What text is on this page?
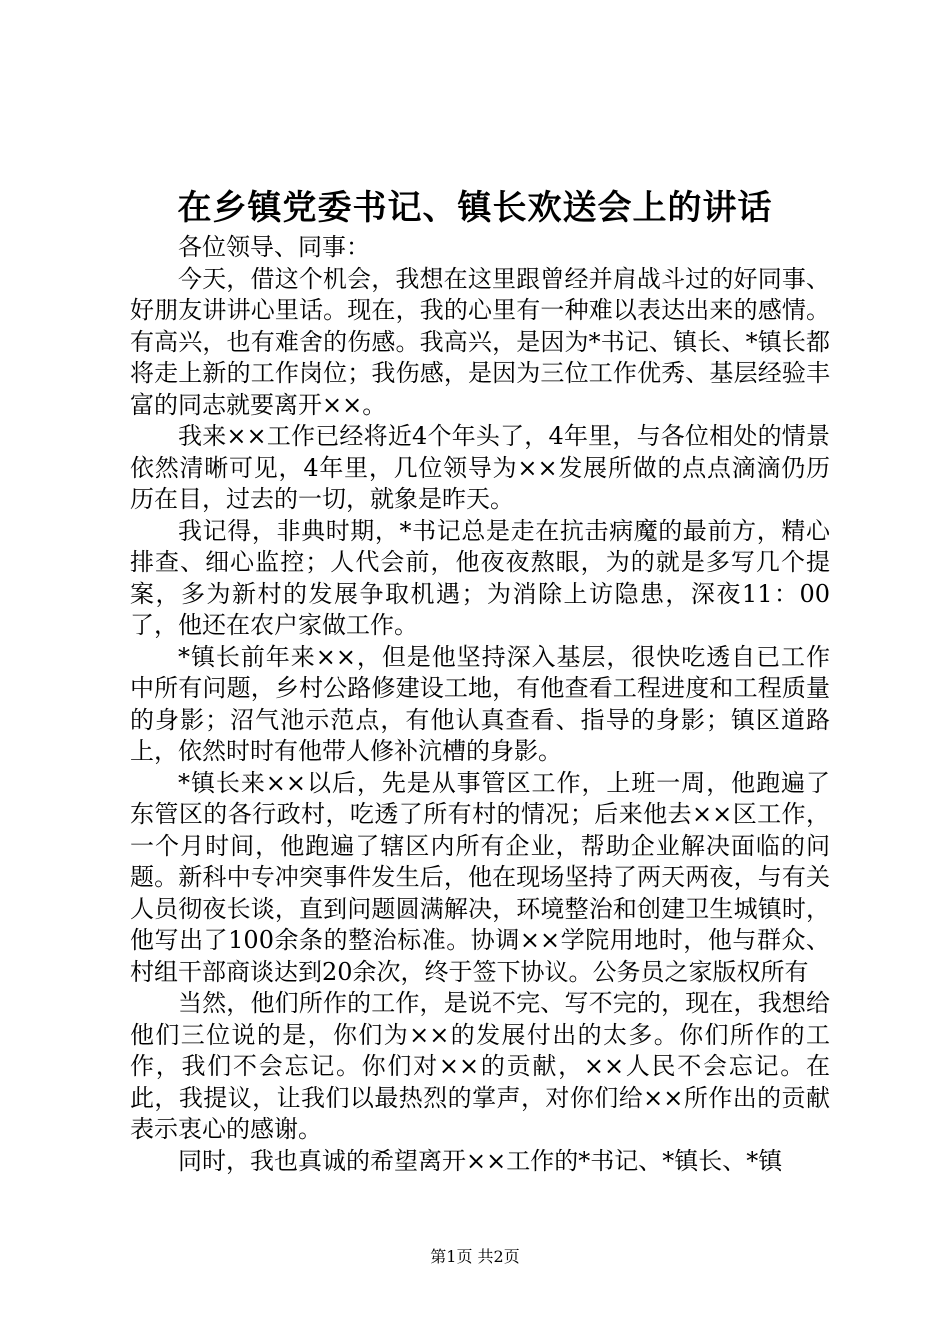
在乡镇党委书记、镇长欢送会上的讲话

各位领导、同事：

今天，借这个机会，我想在这里跟曾经并肩战斗过的好同事、好朋友讲讲心里话。现在，我的心里有一种难以表达出来的感情。有高兴，也有难舍的伤感。我高兴，是因为*书记、镇长、*镇长都将走上新的工作岗位；我伤感，是因为三位工作优秀、基层经验丰富的同志就要离开××。

我来××工作已经将近4个年头了，4年里，与各位相处的情景依然清晰可见，4年里，几位领导为××发展所做的点点滴滴仍历历在目，过去的一切，就象是昨天。

我记得，非典时期，*书记总是走在抗击病魔的最前方，精心排查、细心监控；人代会前，他夜夜熬眼，为的就是多写几个提案，多为新村的发展争取机遇；为消除上访隐患，深夜11：00了，他还在农户家做工作。

*镇长前年来××，但是他坚持深入基层，很快吃透自已工作中所有问题，乡村公路修建设工地，有他查看工程进度和工程质量的身影；沼气池示范点，有他认真查看、指导的身影；镇区道路上，依然时时有他带人修补沆槽的身影。

*镇长来××以后，先是从事管区工作，上班一周，他跑遍了东管区的各行政村，吃透了所有村的情况；后来他去××区工作，一个月时间，他跑遍了辖区内所有企业，帮助企业解决面临的问题。新科中专冲突事件发生后，他在现场坚持了两天两夜，与有关人员彻夜长谈，直到问题圆满解决，环境整治和创建卫生城镇时，他写出了100余条的整治标准。协调××学院用地时，他与群众、村组干部商谈达到20余次，终于签下协议。公务员之家版权所有

当然，他们所作的工作，是说不完、写不完的，现在，我想给他们三位说的是，你们为××的发展付出的太多。你们所作的工作，我们不会忘记。你们对××的贡献，××人民不会忘记。在此，我提议，让我们以最热烈的掌声，对你们给××所作出的贡献表示衷心的感谢。

同时，我也真诚的希望离开××工作的*书记、*镇长、*镇

第1页 共2页
